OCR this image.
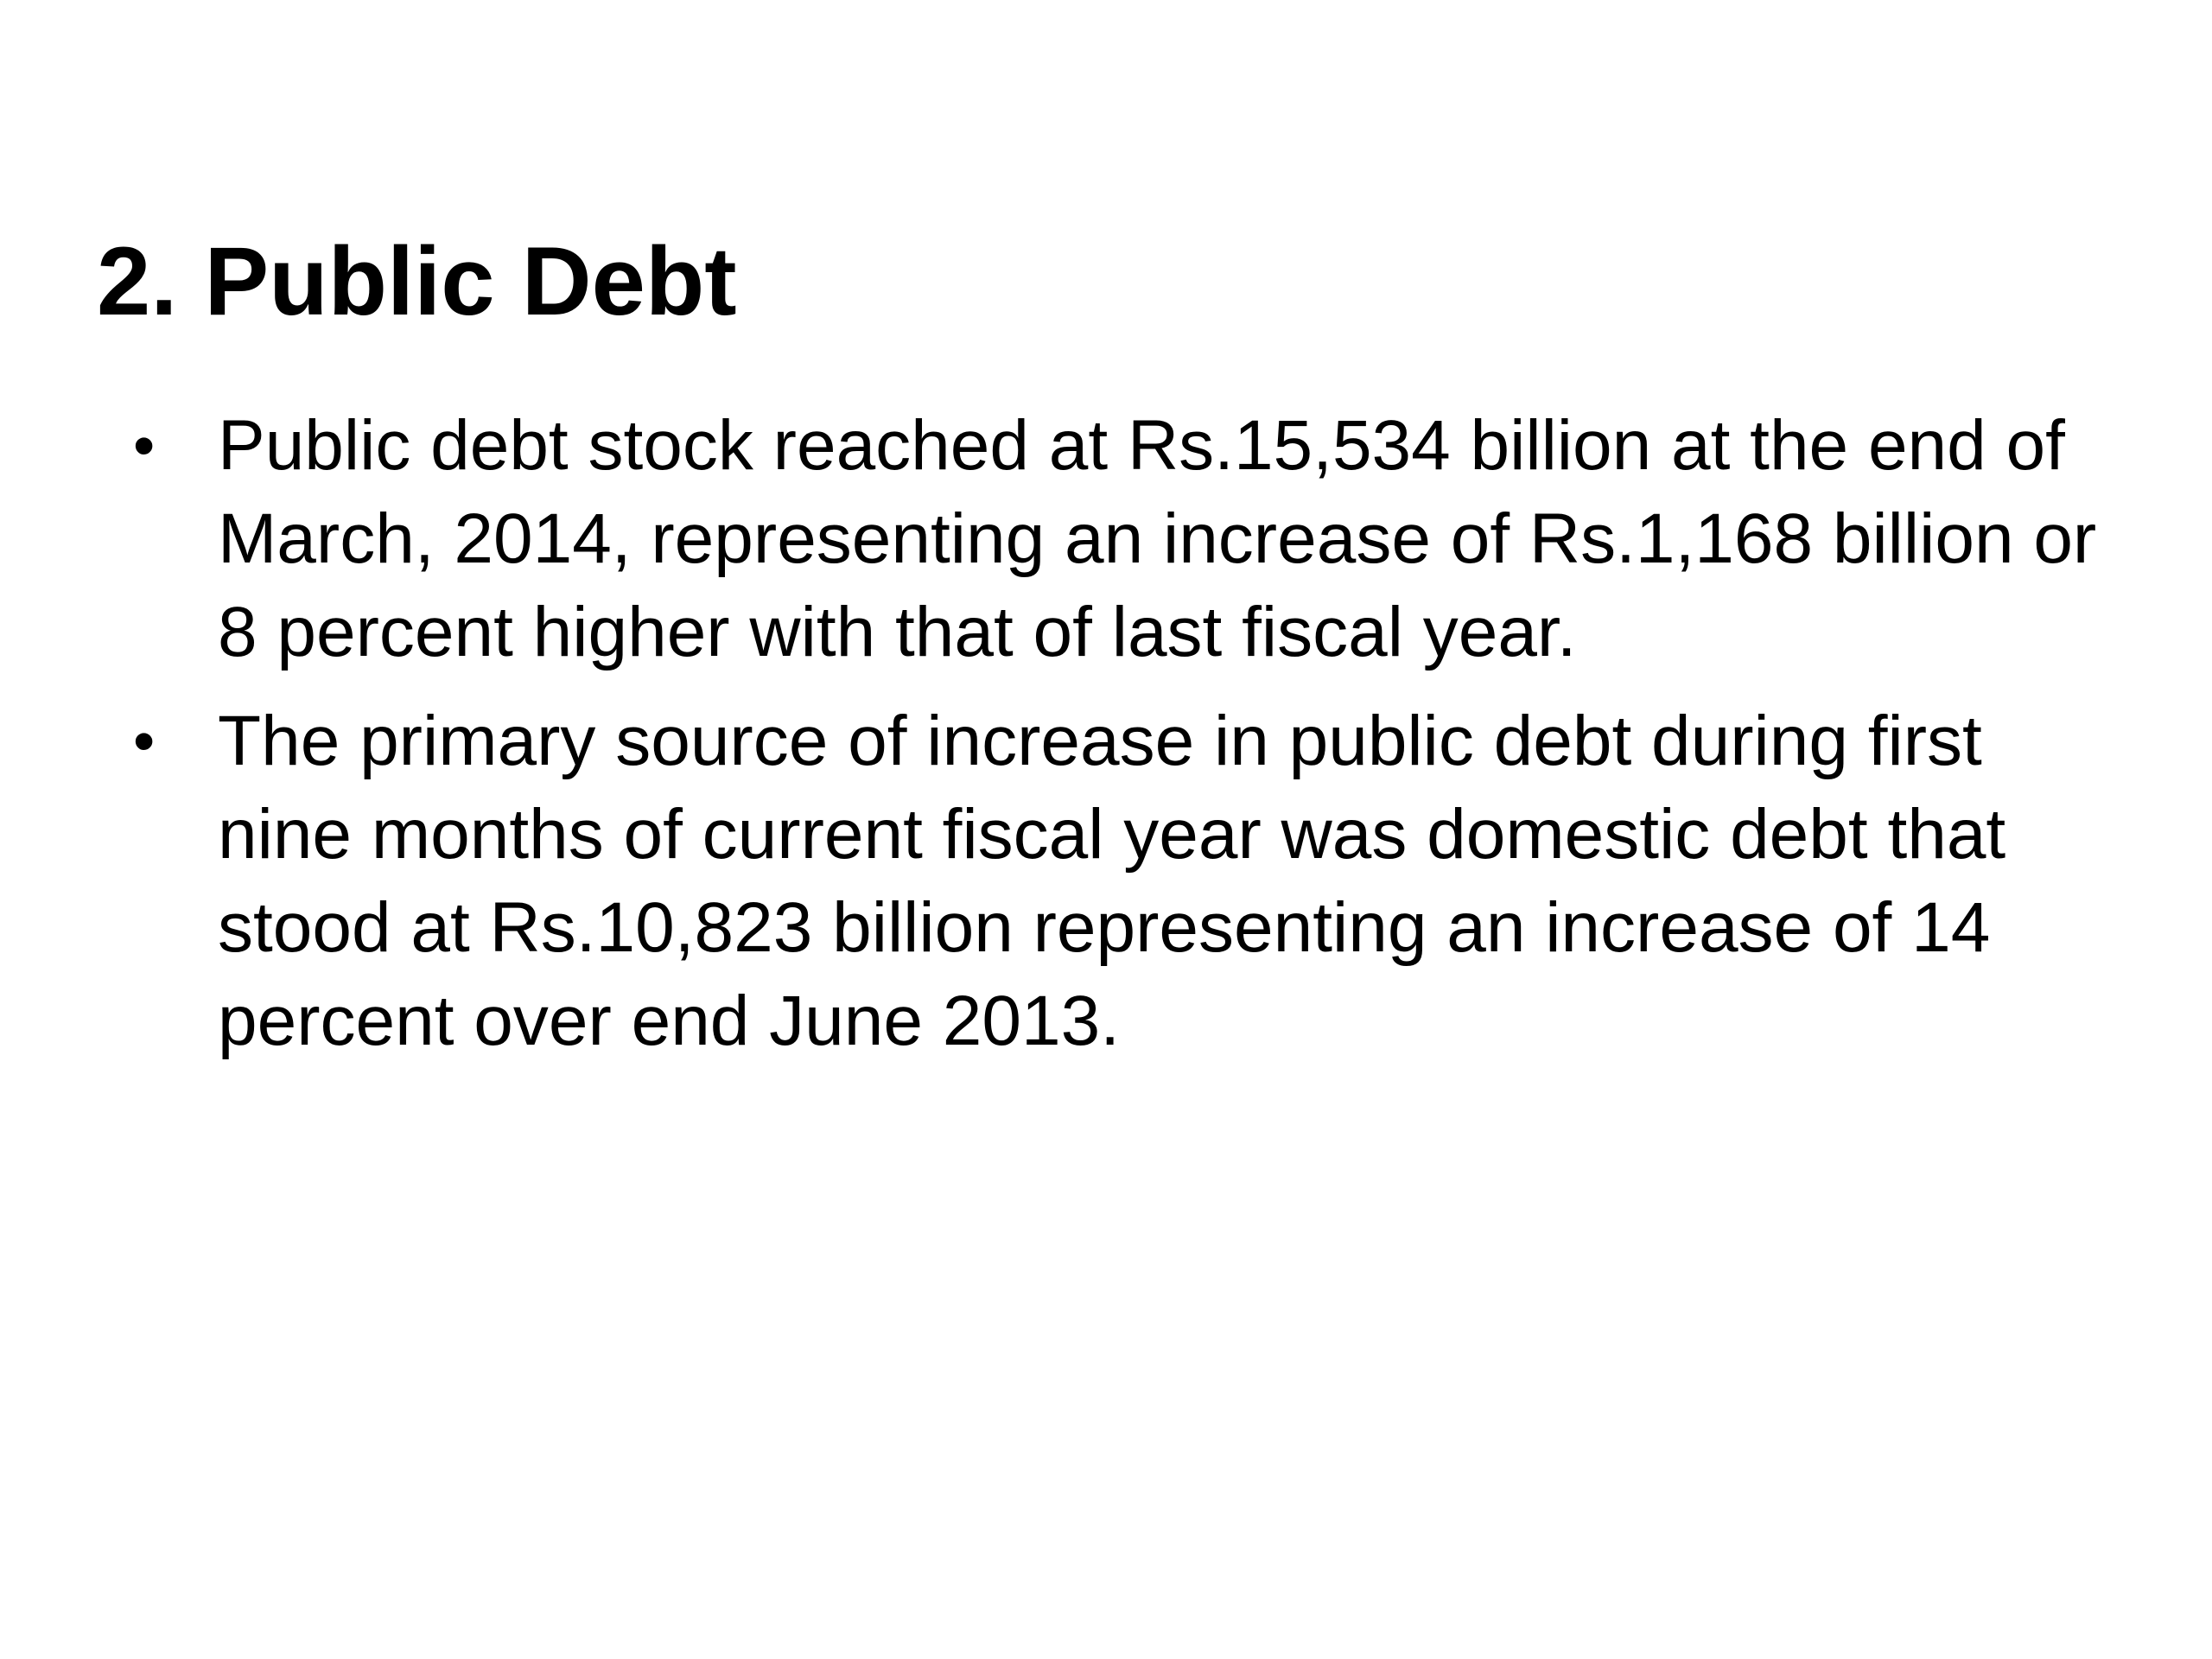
2. Public Debt
• Public debt stock reached at Rs.15,534 billion at the end of March, 2014, representing an increase of Rs.1,168 billion or 8 percent higher with that of last fiscal year.
• The primary source of increase in public debt during first nine months of current fiscal year was domestic debt that stood at Rs.10,823 billion representing an increase of 14 percent over end June 2013.
